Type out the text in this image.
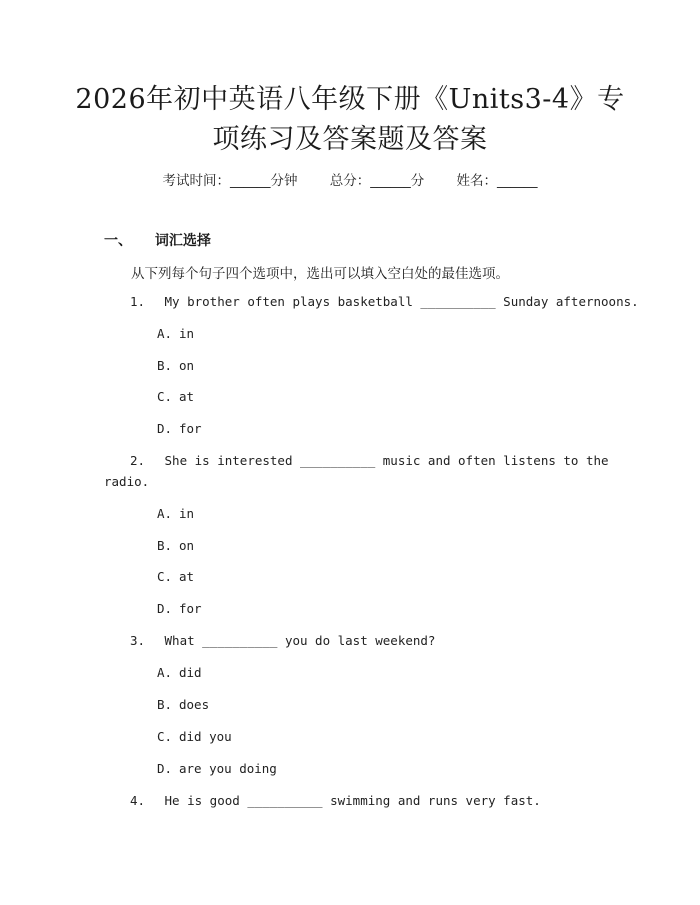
2026年初中英语八年级下册《Units3-4》专
项练习及答案题及答案
考试时间：______分钟 总分：______分 姓名：______
一、 词汇选择
从下列每个句子四个选项中，选出可以填入空白处的最佳选项。
1. My brother often plays basketball __________ Sunday afternoons.
A. in
B. on
C. at
D. for
2. She is interested __________ music and often listens to the
radio.
A. in
B. on
C. at
D. for
3. What __________ you do last weekend?
A. did
B. does
C. did you
D. are you doing
4. He is good __________ swimming and runs very fast.
